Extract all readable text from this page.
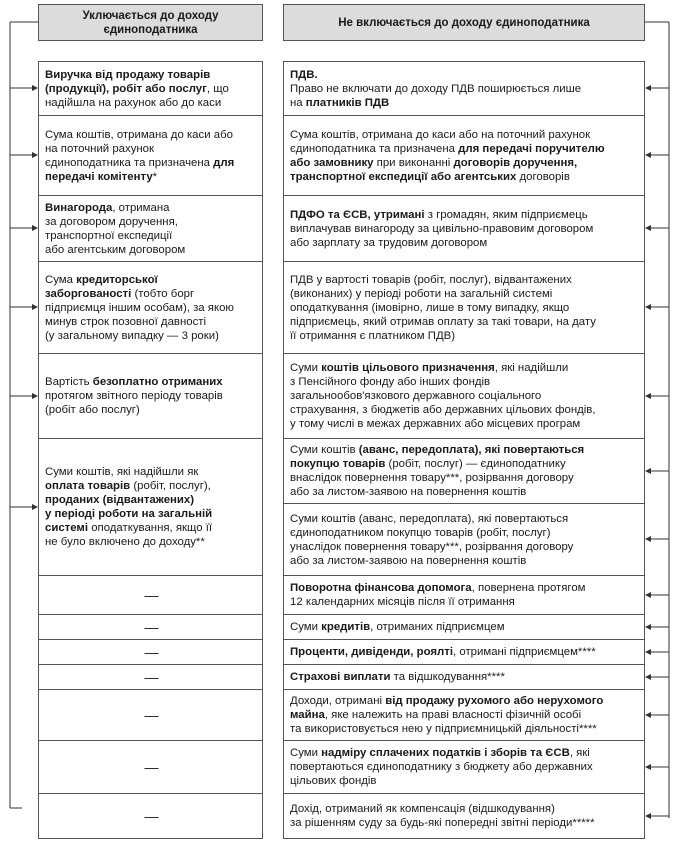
Уключається до доходу
єдиноподатника
Не включається до доходу єдиноподатника
Виручка від продажу товарів
(продукції), робіт або послуг, що
надійшла на рахунок або до каси
Сума коштів, отримана до каси або
на поточний рахунок
єдиноподатника та призначена для
передачі комітенту*
Винагорода, отримана
за договором доручення,
транспортної експедиції
або агентським договором
Сума кредиторської
заборгованості (тобто борг
підприємця іншим особам), за якою
минув строк позовної давності
(у загальному випадку — 3 роки)
Вартість безоплатно отриманих
протягом звітного періоду товарів
(робіт або послуг)
Суми коштів, які надійшли як
оплата товарів (робіт, послуг),
проданих (відвантажених)
у періоді роботи на загальній
системі оподаткування, якщо її
не було включено до доходу**
—
—
—
—
—
—
—
ПДВ.
Право не включати до доходу ПДВ поширюється лише
на платників ПДВ
Сума коштів, отримана до каси або на поточний рахунок
єдиноподатника та призначена для передачі поручителю
або замовнику при виконанні договорів доручення,
транспортної експедиції або агентських договорів
ПДФО та ЄСВ, утримані з громадян, яким підприємець
виплачував винагороду за цивільно-правовим договором
або зарплату за трудовим договором
ПДВ у вартості товарів (робіт, послуг), відвантажених
(виконаних) у періоді роботи на загальній системі
оподаткування (імовірно, лише в тому випадку, якщо
підприємець, який отримав оплату за такі товари, на дату
її отримання є платником ПДВ)
Суми коштів цільового призначення, які надійшли
з Пенсійного фонду або інших фондів
загальнообов'язкового державного соціального
страхування, з бюджетів або державних цільових фондів,
у тому числі в межах державних або місцевих програм
Суми коштів (аванс, передоплата), які повертаються
покупцю товарів (робіт, послуг) — єдиноподатнику
внаслідок повернення товару***, розірвання договору
або за листом-заявою на повернення коштів
Суми коштів (аванс, передоплата), які повертаються
єдиноподатником покупцю товарів (робіт, послуг)
унаслідок повернення товару***, розірвання договору
або за листом-заявою на повернення коштів
Поворотна фінансова допомога, повернена протягом
12 календарних місяців після її отримання
Суми кредитів, отриманих підприємцем
Проценти, дивіденди, роялті, отримані підприємцем****
Страхові виплати та відшкодування****
Доходи, отримані від продажу рухомого або нерухомого
майна, яке належить на праві власності фізичній особі
та використовується нею у підприємницькій діяльності****
Суми надміру сплачених податків і зборів та ЄСВ, які
повертаються єдиноподатнику з бюджету або державних
цільових фондів
Дохід, отриманий як компенсація (відшкодування)
за рішенням суду за будь-які попередні звітні періоди*****
